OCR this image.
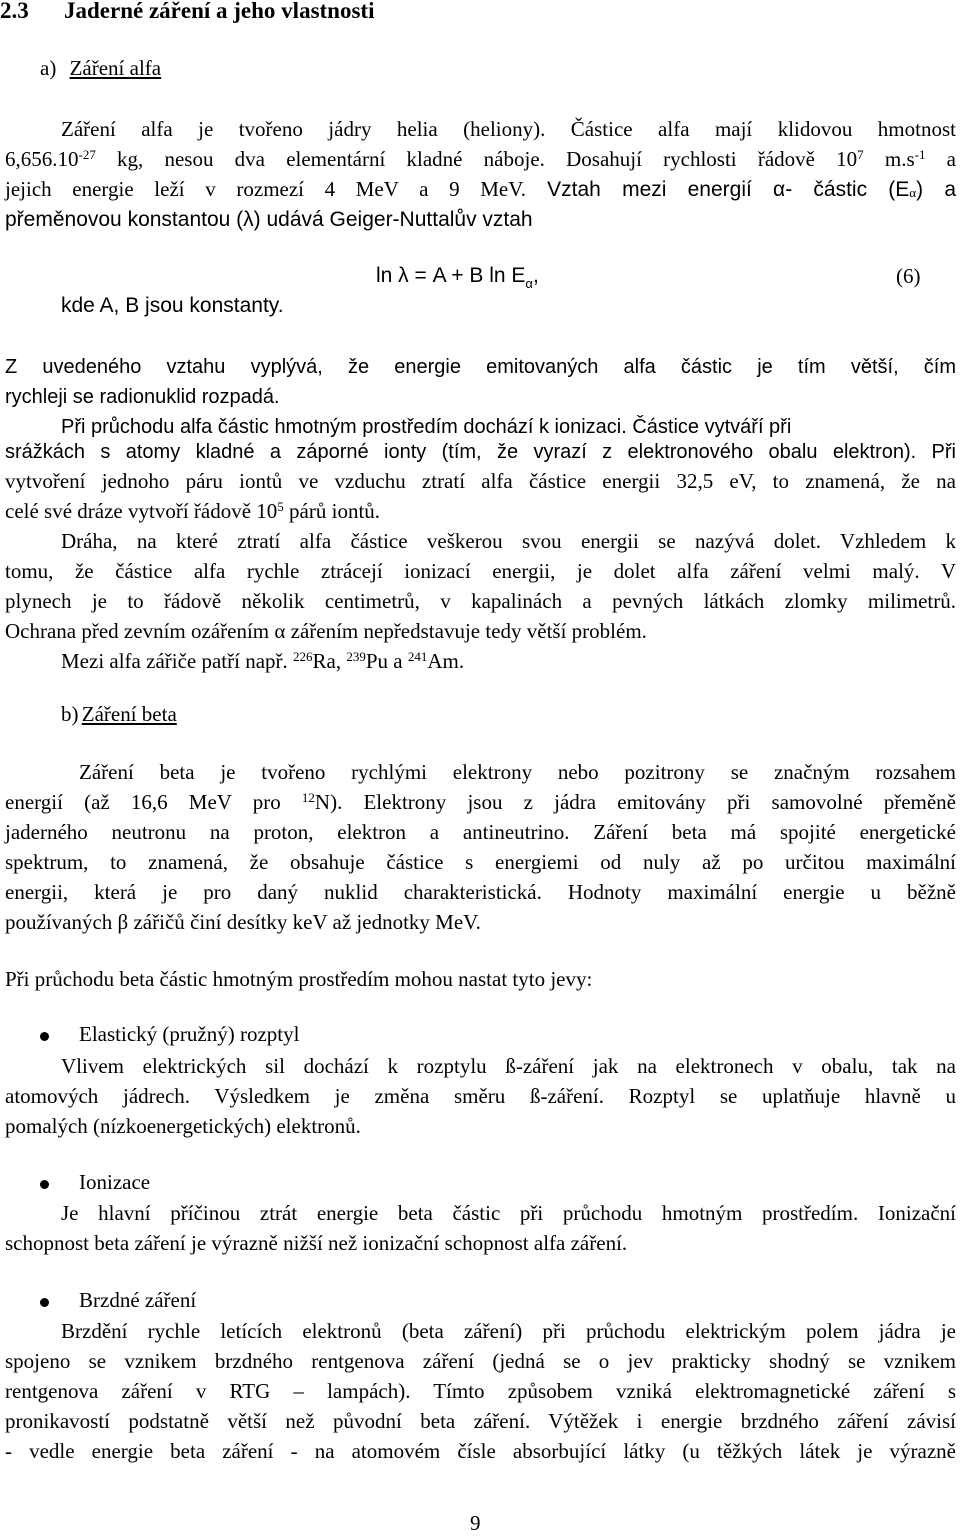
2.3 Jaderné záření a jeho vlastnosti
a) Záření alfa
Záření alfa je tvořeno jádry helia (heliony). Částice alfa mají klidovou hmotnost
$6,656.10^{-27}$ kg, nesou dva elementární kladné náboje. Dosahují rychlosti řádově $10^7$ $m.s^{-1}$ a
jejich energie leží v rozmezí 4 MeV a 9 MeV. Vztah mezi energií α- částic (Eα) a
přeměnovou konstantou (λ) udává Geiger-Nuttalův vztah
ln λ = A + B ln Eα,	(6)
kde A, B jsou konstanty.
Z uvedeného vztahu vyplývá, že energie emitovaných alfa částic je tím větší, čím
rychleji se radionuklid rozpadá.
Při průchodu alfa částic hmotným prostředím dochází k ionizaci. Částice vytváří při
srážkách s atomy kladné a záporné ionty (tím, že vyrazí z elektronového obalu elektron). Při
vytvoření jednoho páru iontů ve vzduchu ztratí alfa částice energii 32,5 eV, to znamená, že na
celé své dráze vytvoří řádově $10^5$ párů iontů.
Dráha, na které ztratí alfa částice veškerou svou energii se nazývá dolet. Vzhledem k
tomu, že částice alfa rychle ztrácejí ionizací energii, je dolet alfa záření velmi malý. V
plynech je to řádově několik centimetrů, v kapalinách a pevných látkách zlomky milimetrů.
Ochrana před zevním ozářením α zářením nepředstavuje tedy větší problém.
Mezi alfa zářiče patří např. $^{226}$Ra, $^{239}$Pu a $^{241}$Am.
b) Záření beta
Záření beta je tvořeno rychlými elektrony nebo pozitrony se značným rozsahem
energií (až 16,6 MeV pro $^{12}$N). Elektrony jsou z jádra emitovány při samovolné přeměně
jaderného neutronu na proton, elektron a antineutrino. Záření beta má spojité energetické
spektrum, to znamená, že obsahuje částice s energiemi od nuly až po určitou maximální
energii, která je pro daný nuklid charakteristická. Hodnoty maximální energie u běžně
používaných β zářičů činí desítky keV až jednotky MeV.
Při průchodu beta částic hmotným prostředím mohou nastat tyto jevy:
Elastický (pružný) rozptyl
Vlivem elektrických sil dochází k rozptylu ß-záření jak na elektronech v obalu, tak na
atomových jádrech. Výsledkem je změna směru ß-záření. Rozptyl se uplatňuje hlavně u
pomalých (nízkoenergetických) elektronů.
Ionizace
Je hlavní příčinou ztrát energie beta částic při průchodu hmotným prostředím. Ionizační
schopnost beta záření je výrazně nižší než ionizační schopnost alfa záření.
Brzdné záření
Brzdění rychle letících elektronů (beta záření) při průchodu elektrickým polem jádra je
spojeno se vznikem brzdného rentgenova záření (jedná se o jev prakticky shodný se vznikem
rentgenova záření v RTG – lampách). Tímto způsobem vzniká elektromagnetické záření s
pronikavostí podstatně větší než původní beta záření. Výtěžek i energie brzdného záření závisí
- vedle energie beta záření - na atomovém čísle absorbující látky (u těžkých látek je výrazně
9
